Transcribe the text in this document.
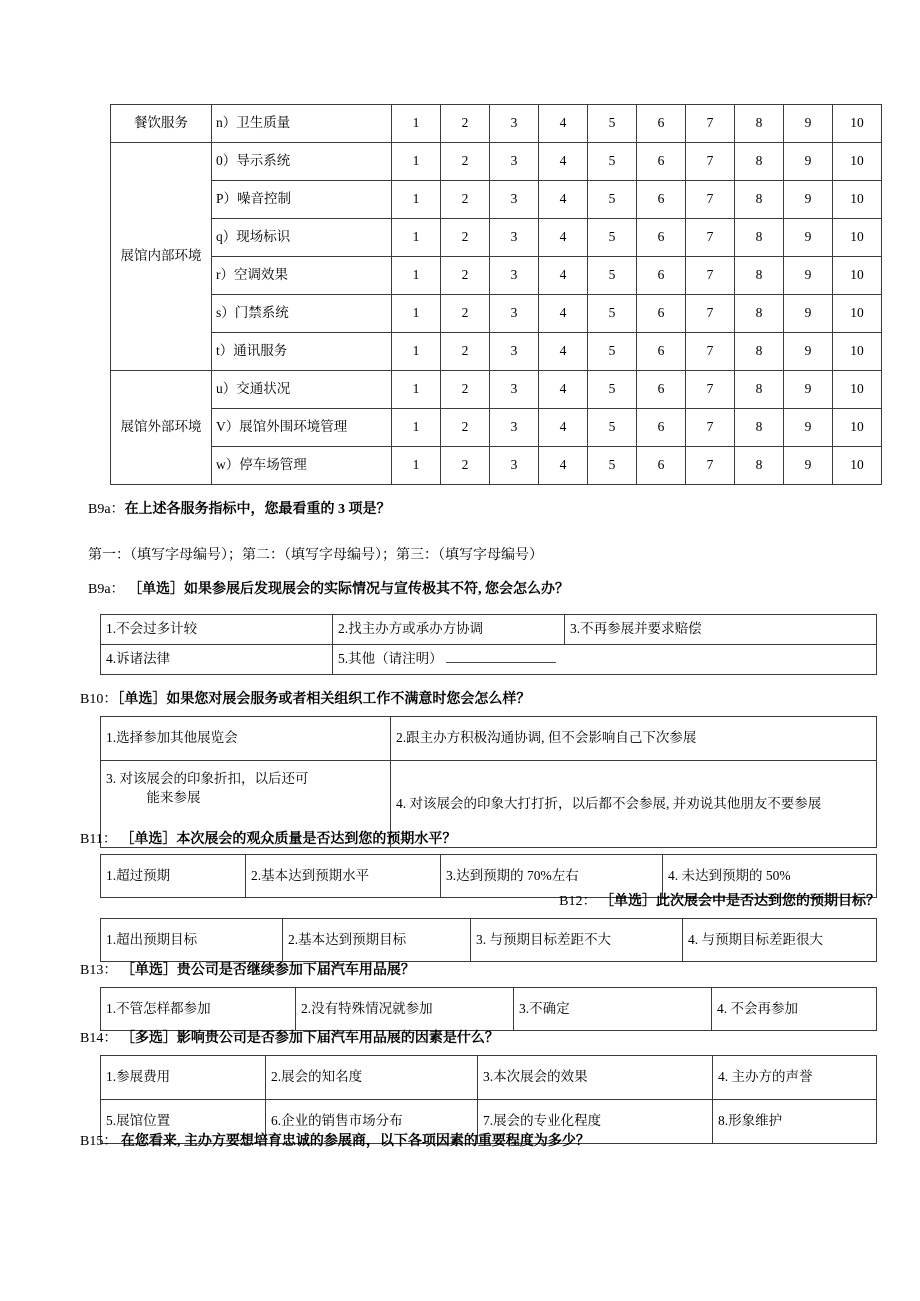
餐饮服务	n）卫生质量	1	2	3	4	5	6	7	8	9	10
展馆内部环境	0）导示系统	1	2	3	4	5	6	7	8	9	10
	P）噪音控制	1	2	3	4	5	6	7	8	9	10
	q）现场标识	1	2	3	4	5	6	7	8	9	10
	r）空调效果	1	2	3	4	5	6	7	8	9	10
	s）门禁系统	1	2	3	4	5	6	7	8	9	10
	t）通讯服务	1	2	3	4	5	6	7	8	9	10
展馆外部环境	u）交通状况	1	2	3	4	5	6	7	8	9	10
	V）展馆外围环境管理	1	2	3	4	5	6	7	8	9	10
	w）停车场管理	1	2	3	4	5	6	7	8	9	10
B9a：在上述各服务指标中，您最看重的 3 项是？
第一：（填写字母编号）；第二：（填写字母编号）；第三：（填写字母编号）
B9a： ［单选］如果参展后发现展会的实际情况与宣传极其不符, 您会怎么办？
1.不会过多计较	2.找主办方或承办方协调	3.不再参展并要求赔偿
4.诉诸法律	5.其他（请注明）	
B10：［单选］如果您对展会服务或者相关组织工作不满意时您会怎么样？
1.选择参加其他展览会	2.跟主办方积极沟通协调, 但不会影响自己下次参展
3. 对该展会的印象折扣，以后还可
能来参展	4. 对该展会的印象大打打折，以后都不会参展, 并劝说其他朋友不要参展
B11： ［单选］本次展会的观众质量是否达到您的预期水平？
1.超过预期	2.基本达到预期水平	3.达到预期的 70%左右	4. 未达到预期的 50%
B12： ［单选］此次展会中是否达到您的预期目标？
1.超出预期目标	2.基本达到预期目标	3. 与预期目标差距不大	4. 与预期目标差距很大
B13： ［单选］贵公司是否继续参加下届汽车用品展？
1.不管怎样都参加	2.没有特殊情况就参加	3.不确定	4. 不会再参加
B14： ［多选］影响贵公司是否参加下届汽车用品展的因素是什么？
1.参展费用	2.展会的知名度	3.本次展会的效果	4. 主办方的声誉
5.展馆位置	6.企业的销售市场分布	7.展会的专业化程度	8.形象维护
B15： 在您看来, 主办方要想培育忠诚的参展商，以下各项因素的重要程度为多少？
